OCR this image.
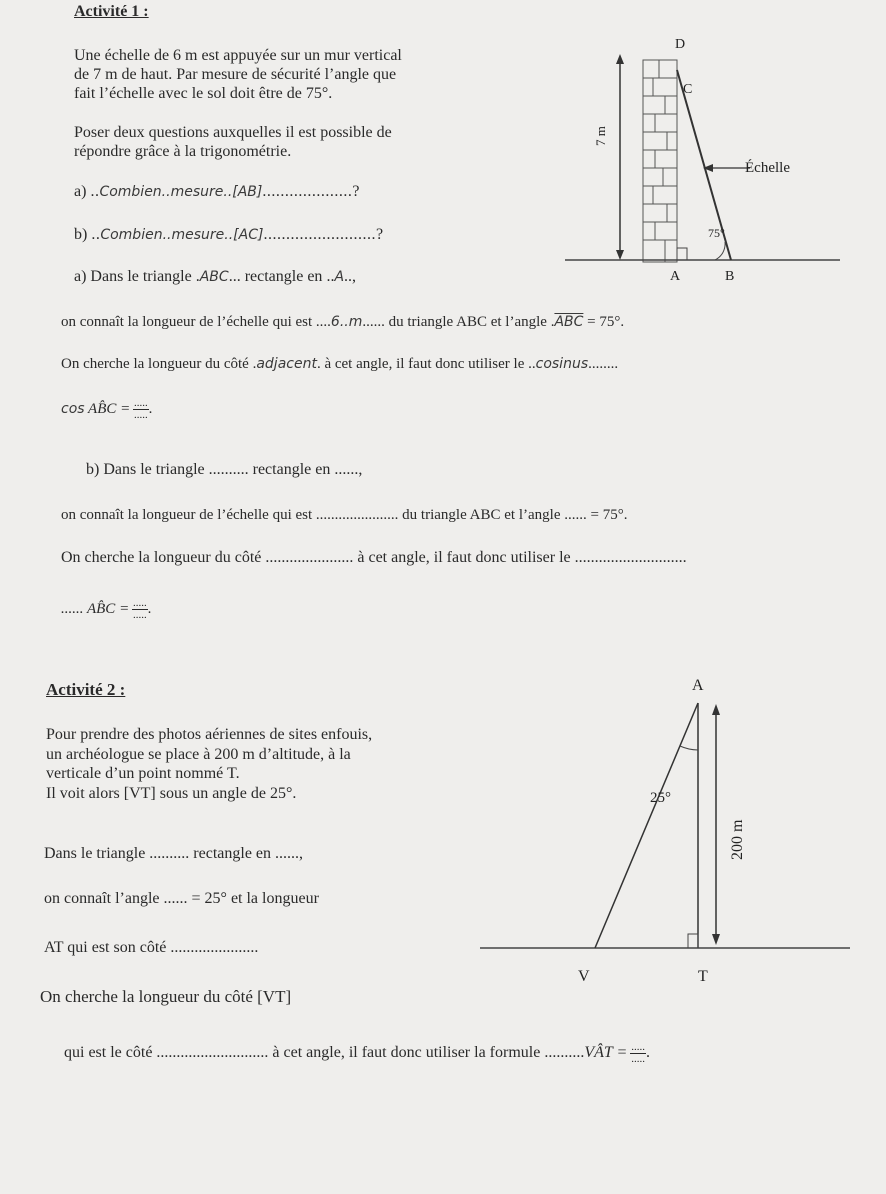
Activité 1 :
Une échelle de 6 m est appuyée sur un mur vertical
de 7 m de haut. Par mesure de sécurité l’angle que
fait l’échelle avec le sol doit être de 75°.
Poser deux questions auxquelles il est possible de
répondre grâce à la trigonométrie.
a) ..Combien..mesure..[AB]....................?
b) ..Combien..mesure..[AC].........................?
a) Dans le triangle .ABC... rectangle en ..A..,
on connaît la longueur de l’échelle qui est ....6..m...... du triangle ABC et l’angle $.\overline{ABC} = 75^\circ$.
On cherche la longueur du côté .adjacent. à cet angle, il faut donc utiliser le ..cosinus........
cos AB̂C = $\frac{.....}{.....}$ .
b) Dans le triangle .......... rectangle en ......,
on connaît la longueur de l’échelle qui est ...................... du triangle ABC et l’angle ...... = 75°.
On cherche la longueur du côté ...................... à cet angle, il faut donc utiliser le ............................
...... AB̂C = $\frac{.....}{.....}$ .
7 m
Échelle
75°
D
C
A	B
Activité 2 :
Pour prendre des photos aériennes de sites enfouis,
un archéologue se place à 200 m d’altitude, à la
verticale d’un point nommé T.
Il voit alors [VT] sous un angle de 25°.
Dans le triangle .......... rectangle en ......,
on connaît l’angle ...... = 25° et la longueur
AT qui est son côté ......................
On cherche la longueur du côté [VT]
qui est le côté ............................ à cet angle, il faut donc utiliser la formule ..........VÂT = $\frac{.....}{.....}$ .
25°
200 m
A
V	T
